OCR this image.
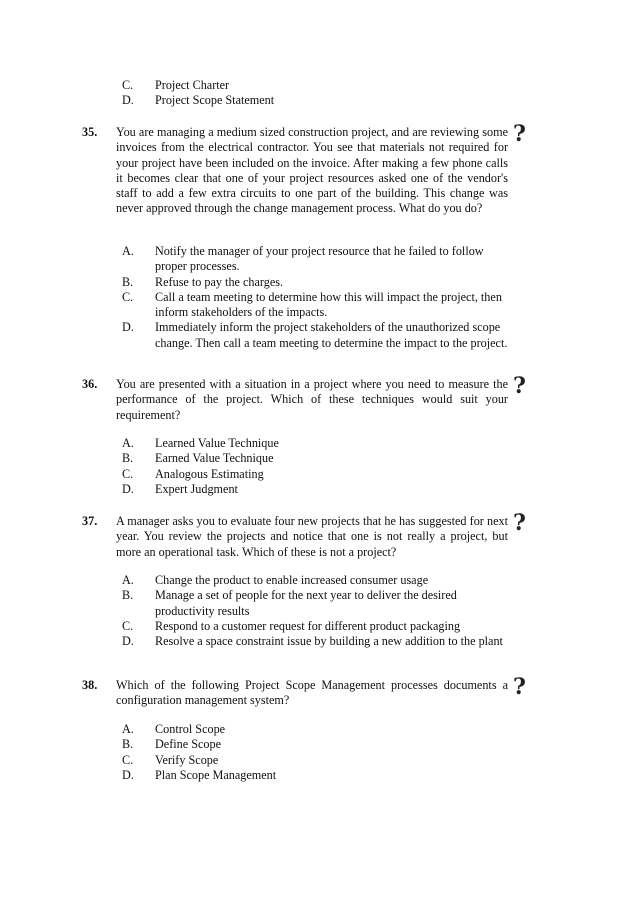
C.	Project Charter
D.	Project Scope Statement
35. You are managing a medium sized construction project, and are reviewing some invoices from the electrical contractor. You see that materials not required for your project have been included on the invoice. After making a few phone calls it becomes clear that one of your project resources asked one of the vendor's staff to add a few extra circuits to one part of the building. This change was never approved through the change management process. What do you do?
?
A.	Notify the manager of your project resource that he failed to follow proper processes.
B.	Refuse to pay the charges.
C.	Call a team meeting to determine how this will impact the project, then inform stakeholders of the impacts.
D.	Immediately inform the project stakeholders of the unauthorized scope change. Then call a team meeting to determine the impact to the project.
36. You are presented with a situation in a project where you need to measure the performance of the project. Which of these techniques would suit your requirement?
?
A.	Learned Value Technique
B.	Earned Value Technique
C.	Analogous Estimating
D.	Expert Judgment
37. A manager asks you to evaluate four new projects that he has suggested for next year. You review the projects and notice that one is not really a project, but more an operational task. Which of these is not a project?
?
A.	Change the product to enable increased consumer usage
B.	Manage a set of people for the next year to deliver the desired productivity results
C.	Respond to a customer request for different product packaging
D.	Resolve a space constraint issue by building a new addition to the plant
38. Which of the following Project Scope Management processes documents a configuration management system?
?
A.	Control Scope
B.	Define Scope
C.	Verify Scope
D.	Plan Scope Management
